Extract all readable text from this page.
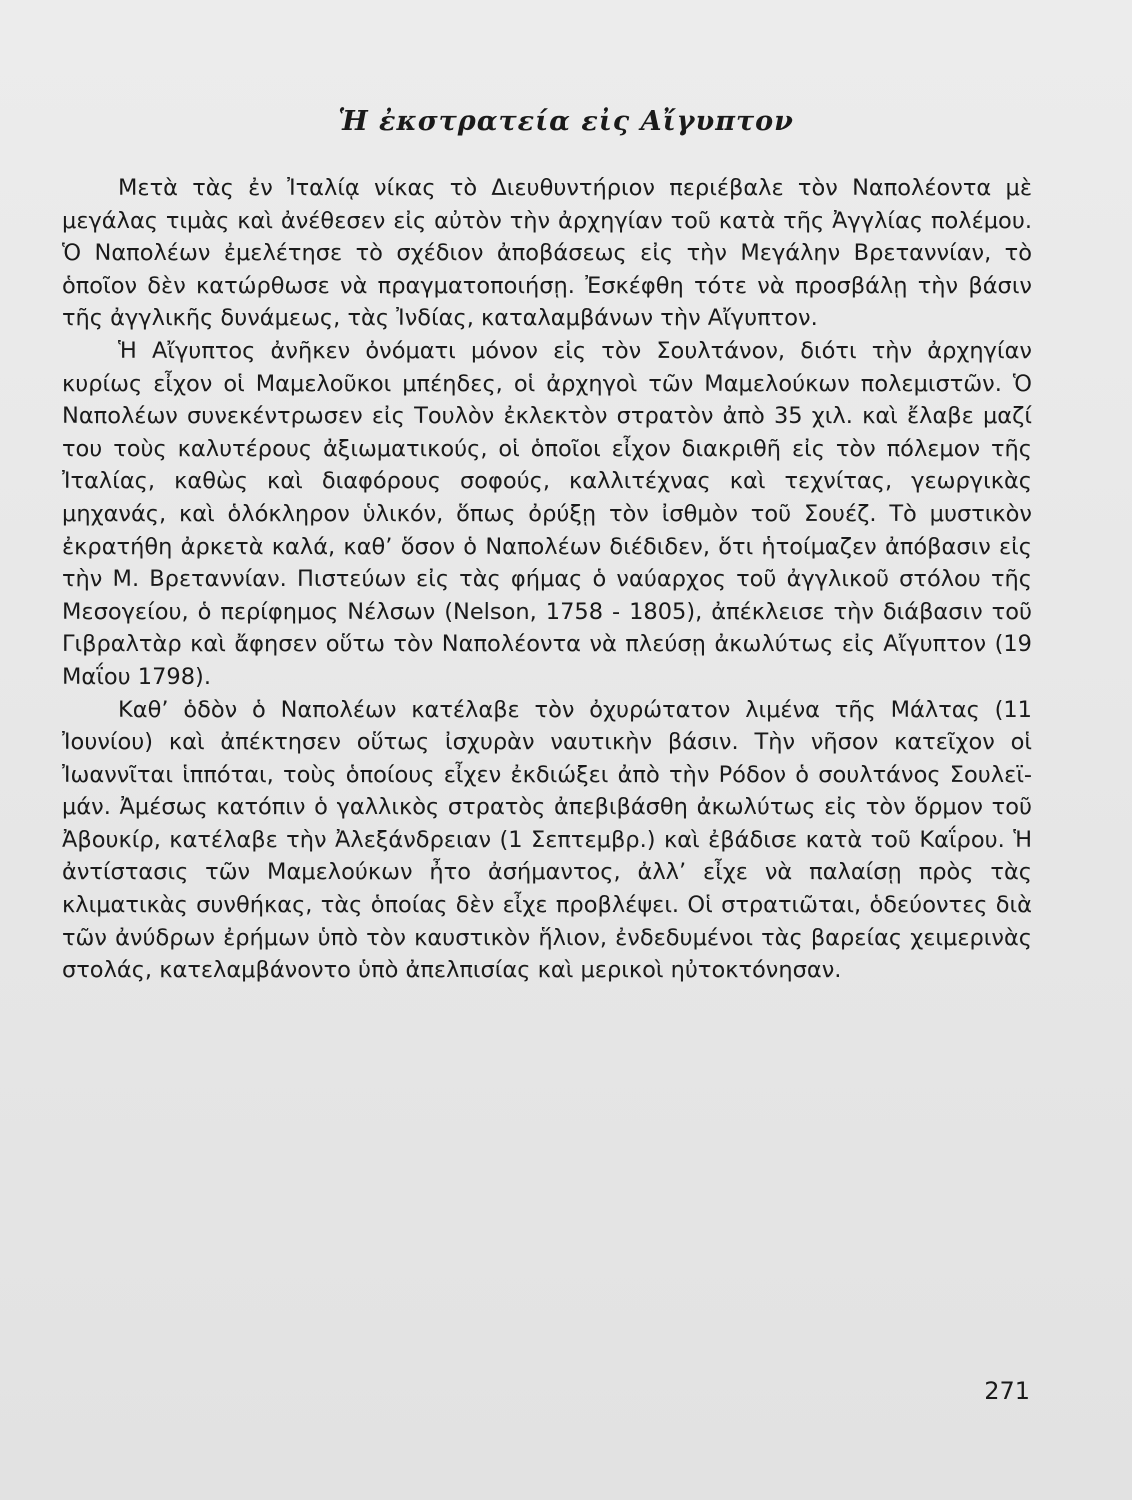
Ἡ ἐκστρατεία εἰς Αἴγυπτον

Μετὰ τὰς ἐν Ἰταλίᾳ νίκας τὸ Διευθυντήριον περιέβαλε τὸν Ναπολέοντα μὲ μεγάλας τιμὰς καὶ ἀνέθεσεν εἰς αὐτὸν τὴν ἀρχηγίαν τοῦ κατὰ τῆς Ἀγγλίας πολέμου. Ὁ Ναπολέων ἐμελέτησε τὸ σχέδιον ἀποβάσεως εἰς τὴν Μεγάλην Βρεταννίαν, τὸ ὁποῖον δὲν κατώρθωσε νὰ πραγματοποιήσῃ. Ἐσκέφθη τότε νὰ προσβάλῃ τὴν βάσιν τῆς ἀγγλικῆς δυνάμεως, τὰς Ἰνδίας, καταλαμβάνων τὴν Αἴγυπτον.

Ἡ Αἴγυπτος ἀνῆκεν ὀνόματι μόνον εἰς τὸν Σουλτάνον, διότι τὴν ἀρχηγίαν κυρίως εἶχον οἱ Μαμελοῦκοι μπέηδες, οἱ ἀρχηγοὶ τῶν Μαμελούκων πολεμιστῶν. Ὁ Ναπολέων συνεκέντρωσεν εἰς Τουλὸν ἐκλεκτὸν στρατὸν ἀπὸ 35 χιλ. καὶ ἔλαβε μαζί του τοὺς καλυτέρους ἀξιωματικούς, οἱ ὁποῖοι εἶχον διακριθῆ εἰς τὸν πόλεμον τῆς Ἰταλίας, καθὼς καὶ διαφόρους σοφούς, καλλιτέχνας καὶ τεχνίτας, γεωργικὰς μηχανάς, καὶ ὁλόκληρον ὑλικόν, ὅπως ὀρύξῃ τὸν ἰσθμὸν τοῦ Σουέζ. Τὸ μυστικὸν ἐκρατήθη ἀρκετὰ καλά, καθ’ ὅσον ὁ Ναπολέων διέδιδεν, ὅτι ἡτοίμαζεν ἀπόβασιν εἰς τὴν Μ. Βρεταννίαν. Πιστεύων εἰς τὰς φήμας ὁ ναύαρχος τοῦ ἀγγλικοῦ στόλου τῆς Μεσογείου, ὁ περίφημος Νέλσων (Nelson, 1758 - 1805), ἀπέκλεισε τὴν διάβασιν τοῦ Γιβραλτὰρ καὶ ἄφησεν οὕτω τὸν Ναπολέοντα νὰ πλεύσῃ ἀκωλύτως εἰς Αἴγυπτον (19 Μαΐου 1798).

Καθ’ ὁδὸν ὁ Ναπολέων κατέλαβε τὸν ὀχυρώτατον λιμένα τῆς Μάλτας (11 Ἰουνίου) καὶ ἀπέκτησεν οὕτως ἰσχυρὰν ναυτικὴν βάσιν. Τὴν νῆσον κατεῖχον οἱ Ἰωαννῖται ἱππόται, τοὺς ὁποίους εἶχεν ἐκδιώξει ἀπὸ τὴν Ρόδον ὁ σουλτάνος Σουλεϊμάν. Ἀμέσως κατόπιν ὁ γαλλικὸς στρατὸς ἀπεβιβάσθη ἀκωλύτως εἰς τὸν ὅρμον τοῦ Ἀβουκίρ, κατέλαβε τὴν Ἀλεξάνδρειαν (1 Σεπτεμβρ.) καὶ ἐβάδισε κατὰ τοῦ Καΐρου. Ἡ ἀντίστασις τῶν Μαμελούκων ἦτο ἀσήμαντος, ἀλλ’ εἶχε νὰ παλαίσῃ πρὸς τὰς κλιματικὰς συνθήκας, τὰς ὁποίας δὲν εἶχε προβλέψει. Οἱ στρατιῶται, ὁδεύοντες διὰ τῶν ἀνύδρων ἐρήμων ὑπὸ τὸν καυστικὸν ἥλιον, ἐνδεδυμένοι τὰς βαρείας χειμερινὰς στολάς, κατελαμβάνοντο ὑπὸ ἀπελπισίας καὶ μερικοὶ ηὐτοκτόνησαν.

271
